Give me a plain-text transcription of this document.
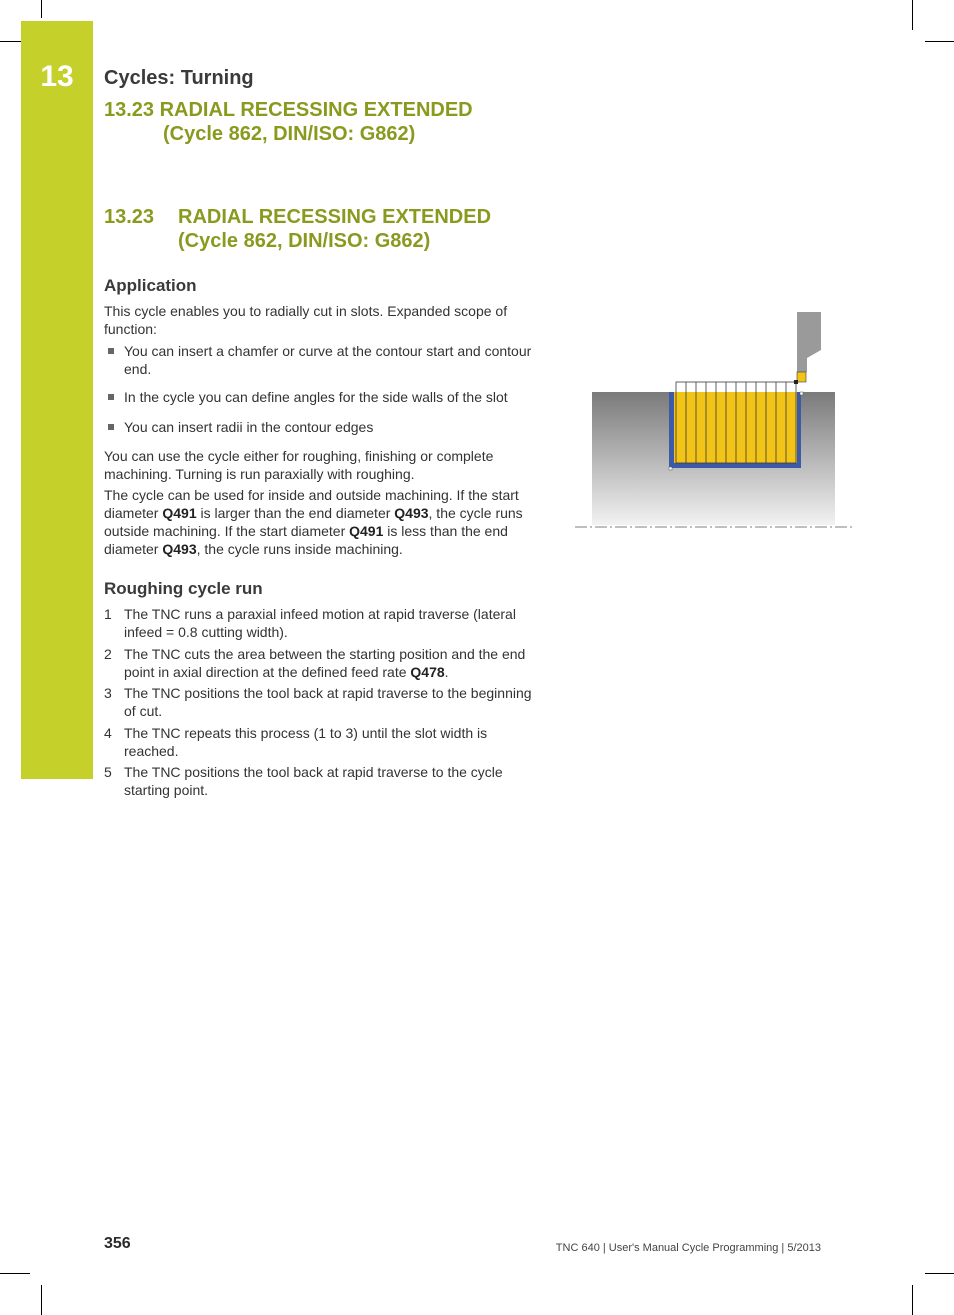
13	Cycles: Turning
13.23 RADIAL RECESSING EXTENDED
(Cycle 862, DIN/ISO: G862)
13.23 RADIAL RECESSING EXTENDED
(Cycle 862, DIN/ISO: G862)
Application
This cycle enables you to radially cut in slots. Expanded scope of function:
You can insert a chamfer or curve at the contour start and contour end.
In the cycle you can define angles for the side walls of the slot
You can insert radii in the contour edges
You can use the cycle either for roughing, finishing or complete machining. Turning is run paraxially with roughing.
The cycle can be used for inside and outside machining. If the start diameter Q491 is larger than the end diameter Q493, the cycle runs outside machining. If the start diameter Q491 is less than the end diameter Q493, the cycle runs inside machining.
Roughing cycle run
1 The TNC runs a paraxial infeed motion at rapid traverse (lateral infeed = 0.8 cutting width).
2 The TNC cuts the area between the starting position and the end point in axial direction at the defined feed rate Q478.
3 The TNC positions the tool back at rapid traverse to the beginning of cut.
4 The TNC repeats this process (1 to 3) until the slot width is reached.
5 The TNC positions the tool back at rapid traverse to the cycle starting point.
356	TNC 640 | User's Manual Cycle Programming | 5/2013
